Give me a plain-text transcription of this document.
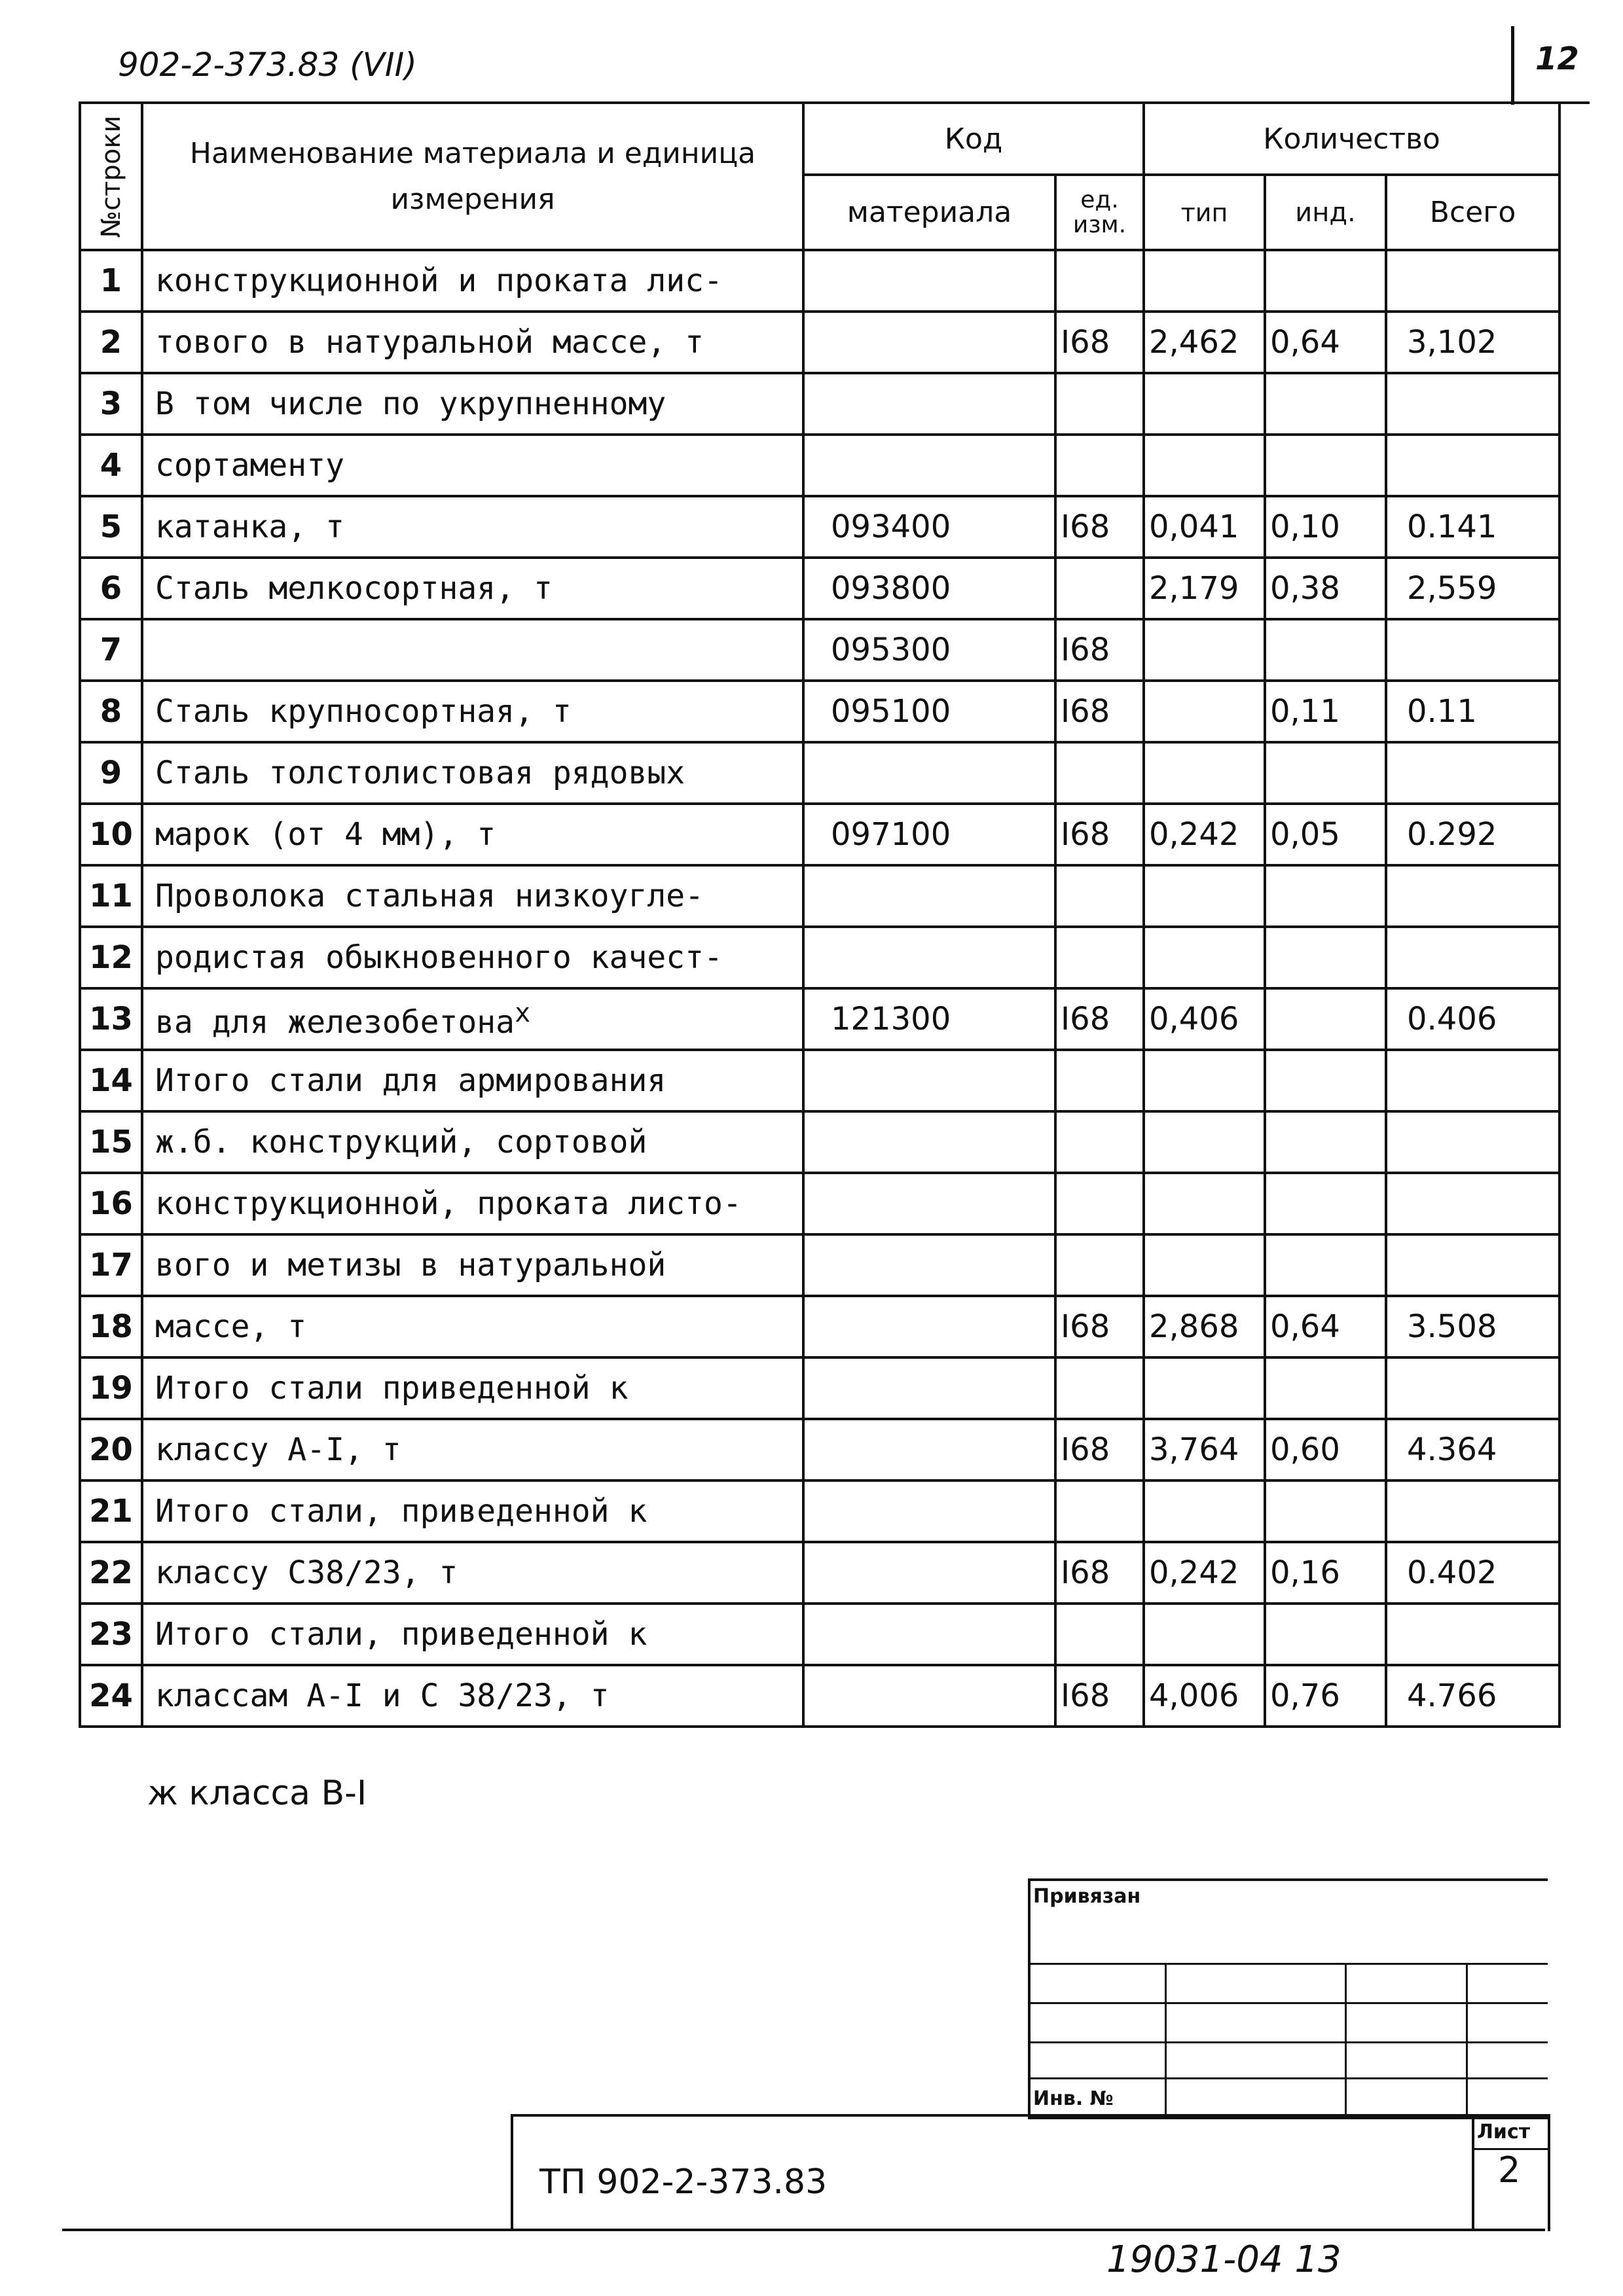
902-2-373.83 (VII)	12
№строки	Наименование материала и единица измерения	Код		Количество		
		материала	ед. изм.	тип	инд.	Всего
1	конструкционной и проката лис-					
2	тового в натуральной массе, т		I68	2,462	0,64	3,102
3	В том числе по укрупненному					
4	сортаменту					
5	катанка, т	093400	I68	0,041	0,10	0.141
6	Сталь мелкосортная, т	093800		2,179	0,38	2,559
7		095300	I68			
8	Сталь крупносортная, т	095100	I68		0,11	0.11
9	Сталь толстолистовая рядовых					
10	марок (от 4 мм), т	097100	I68	0,242	0,05	0.292
11	Проволока стальная низкоугле-					
12	родистая обыкновенного качест-					
13	ва для железобетона$^x$	121300	I68	0,406		0.406
14	Итого стали для армирования					
15	ж.б. конструкций, сортовой					
16	конструкционной, проката листо-					
17	вого и метизы в натуральной					
18	массе, т		I68	2,868	0,64	3.508
19	Итого стали приведенной к					
20	классу А-I, т		I68	3,764	0,60	4.364
21	Итого стали, приведенной к					
22	классу С38/23, т		I68	0,242	0,16	0.402
23	Итого стали, приведенной к					
24	классам А-I и С 38/23, т		I68	4,006	0,76	4.766
ж класса В-I
Привязан
Инв. №
ТП 902-2-373.83
Лист
2
19031-04 13
